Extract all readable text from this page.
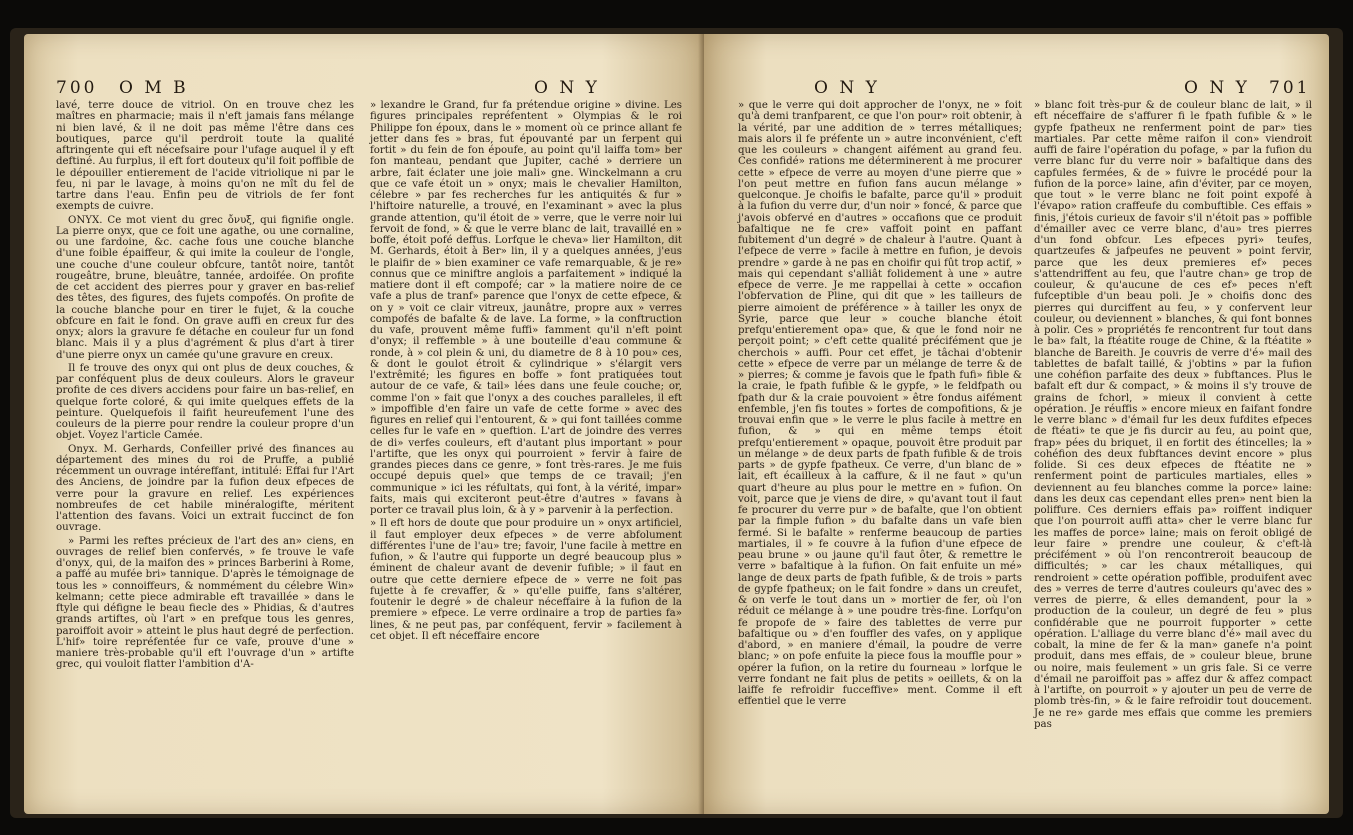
700 O M B	O N Y

lavé, terre douce de vitriol. On en trouve chez les maîtres en pharmacie; mais il n'eft jamais fans mélange ni bien lavé, & il ne doit pas même l'être dans ces boutiques, parce qu'il perdroit toute la qualité aftringente qui eft nécefsaire pour l'ufage auquel il y eft deftiné. Au furplus, il eft fort douteux qu'il foit poffible de le dépouiller entierement de l'acide vitriolique ni par le feu, ni par le lavage, à moins qu'on ne mît du fel de tartre dans l'eau. Enfin peu de vitriols de fer font exempts de cuivre.

ONYX. Ce mot vient du grec ὄνυξ, qui fignifie ongle. La pierre onyx, que ce foit une agathe, ou une cornaline, ou une fardoine, &c. cache fous une couche blanche d'une foible épaiffeur, & qui imite la couleur de l'ongle, une couche d'une couleur obfcure, tantôt noire, tantôt rougeâtre, brune, bleuâtre, tannée, ardoifée. On profite de cet accident des pierres pour y graver en bas-relief des têtes, des figures, des fujets compofés. On profite de la couche blanche pour en tirer le fujet, & la couche obfcure en fait le fond. On grave auffi en creux fur des onyx; alors la gravure fe détache en couleur fur un fond blanc. Mais il y a plus d'agrément & plus d'art à tirer d'une pierre onyx un camée qu'une gravure en creux.

Il fe trouve des onyx qui ont plus de deux couches, & par conféquent plus de deux couleurs. Alors le graveur profite de ces divers accidens pour faire un bas-relief, en quelque forte coloré, & qui imite quelques effets de la peinture. Quelquefois il faifit heureufement l'une des couleurs de la pierre pour rendre la couleur propre d'un objet. Voyez l'article Camée.

Onyx. M. Gerhards, Confeiller privé des finances au département des mines du roi de Pruffe, a publié récemment un ouvrage intéreffant, intitulé: Effai fur l'Art des Anciens, de joindre par la fufion deux efpeces de verre pour la gravure en relief. Les expériences nombreufes de cet habile minéralogifte, méritent l'attention des favans. Voici un extrait fuccinct de fon ouvrage.

» Parmi les reftes précieux de l'art des an» ciens, en ouvrages de relief bien confervés, » fe trouve le vafe d'onyx, qui, de la maifon des » princes Barberini à Rome, a paffé au mufée bri» tannique. D'après le témoignage de tous les » connoiffeurs, & nommément du célebre Win» kelmann; cette piece admirable eft travaillée » dans le ftyle qui défigne le beau fiecle des » Phidias, & d'autres grands artiftes, où l'art » en prefque tous les genres, paroiffoit avoir » atteint le plus haut degré de perfection. L'hif» toire repréfentée fur ce vafe, prouve d'une » maniere très-probable qu'il eft l'ouvrage d'un » artifte grec, qui vouloit flatter l'ambition d'A-

» lexandre le Grand, fur fa prétendue origine » divine. Les figures principales repréfentent » Olympias & le roi Philippe fon époux, dans le » moment où ce prince allant fe jetter dans fes » bras, fut épouvanté par un ferpent qui fortit » du fein de fon époufe, au point qu'il laiffa tom» ber fon manteau, pendant que Jupiter, caché » derriere un arbre, fait éclater une joie mali» gne. Winckelmann a cru que ce vafe étoit un » onyx; mais le chevalier Hamilton, célebre » par fes recherches fur les antiquités & fur » l'hiftoire naturelle, a trouvé, en l'examinant » avec la plus grande attention, qu'il étoit de » verre, que le verre noir lui fervoit de fond, » & que le verre blanc de lait, travaillé en » boffe, étoit pofé deffus. Lorfque le cheva» lier Hamilton, dit M. Gerhards, étoit à Ber» lin, il y a quelques années, j'eus le plaifir de » bien examiner ce vafe remarquable, & je re» connus que ce miniftre anglois a parfaitement » indiqué la matiere dont il eft compofé; car » la matiere noire de ce vafe a plus de tranf» parence que l'onyx de cette efpece, & on y » voit ce clair vitreux, jaunâtre, propre aux » verres compofés de bafalte & de lave. La forme, » la conftruction du vafe, prouvent même fuffi» famment qu'il n'eft point d'onyx; il reffemble » à une bouteille d'eau commune & ronde, à » col plein & uni, du diametre de 8 à 10 pou» ces, & dont le goulot étroit & cylindrique » s'élargit vers l'extrêmité; les figures en boffe » font pratiquées tout autour de ce vafe, & tail» lées dans une feule couche; or, comme l'on » fait que l'onyx a des couches paralleles, il eft » impoffible d'en faire un vafe de cette forme » avec des figures en relief qui l'entourent, & » qui font taillées comme celles fur le vafe en » queftion. L'art de joindre des verres de di» verfes couleurs, eft d'autant plus important » pour l'artifte, que les onyx qui pourroient » fervir à faire de grandes pieces dans ce genre, » font très-rares. Je me fuis occupé depuis quel» que temps de ce travail; j'en communique » ici les réfultats, qui font, à la vérité, impar» faits, mais qui exciteront peut-être d'autres » favans à porter ce travail plus loin, & à y » parvenir à la perfection.

» Il eft hors de doute que pour produire un » onyx artificiel, il faut employer deux efpeces » de verre abfolument différentes l'une de l'au» tre; favoir, l'une facile à mettre en fufion, » & l'autre qui fupporte un degré beaucoup plus » éminent de chaleur avant de devenir fufible; » il faut en outre que cette derniere efpece de » verre ne foit pas fujette à fe crevaffer, & » qu'elle puiffe, fans s'altérer, foutenir le degré » de chaleur néceffaire à la fufion de la premiere » efpece. Le verre ordinaire a trop de parties fa» lines, & ne peut pas, par conféquent, fervir » facilement à cet objet. Il eft néceffaire encore

O N Y	O N Y 701

» que le verre qui doit approcher de l'onyx, ne » foit qu'à demi tranfparent, ce que l'on pour» roit obtenir, à la vérité, par une addition de » terres métalliques; mais alors il fe préfente un » autre inconvénient, c'eft que les couleurs » changent aifément au grand feu. Ces confidé» rations me déterminerent à me procurer cette » efpece de verre au moyen d'une pierre que » l'on peut mettre en fufion fans aucun mélange » quelconque. Je choifis le bafalte, parce qu'il » produit à la fufion du verre dur, d'un noir » foncé, & parce que j'avois obfervé en d'autres » occafions que ce produit bafaltique ne fe cre» vaffoit point en paffant fubitement d'un degré » de chaleur à l'autre. Quant à l'efpece de verre » facile à mettre en fufion, je devois prendre » garde à ne pas en choifir qui fût trop actif, » mais qui cependant s'alliât folidement à une » autre efpece de verre. Je me rappellai à cette » occafion l'obfervation de Pline, qui dit que » les tailleurs de pierre aimoient de préférence » à tailler les onyx de Syrie, parce que leur » couche blanche étoit prefqu'entierement opa» que, & que le fond noir ne perçoit point; » c'eft cette qualité précifément que je cherchois » auffi. Pour cet effet, je tâchai d'obtenir cette » efpece de verre par un mélange de terre & de » pierres; & comme je favois que le fpath fufi» fible & la craie, le fpath fufible & le gypfe, » le feldfpath ou fpath dur & la craie pouvoient » être fondus aifément enfemble, j'en fis toutes » fortes de compofitions, & je trouvai enfin que » le verre le plus facile à mettre en fufion, & » qui en même temps étoit prefqu'entierement » opaque, pouvoit être produit par un mélange » de deux parts de fpath fufible & de trois parts » de gypfe fpatheux. Ce verre, d'un blanc de » lait, eft écailleux à la caffure, & il ne faut » qu'un quart d'heure au plus pour le mettre en » fufion. On voit, parce que je viens de dire, » qu'avant tout il faut fe procurer du verre pur » de bafalte, que l'on obtient par la fimple fufion » du bafalte dans un vafe bien fermé. Si le bafalte » renferme beaucoup de parties martiales, il » fe couvre à la fufion d'une efpece de peau brune » ou jaune qu'il faut ôter, & remettre le verre » bafaltique à la fufion. On fait enfuite un mé» lange de deux parts de fpath fufible, & de trois » parts de gypfe fpatheux; on le fait fondre » dans un creufet, & on verfe le tout dans un » mortier de fer, où l'on réduit ce mélange à » une poudre très-fine. Lorfqu'on fe propofe de » faire des tablettes de verre pur bafaltique ou » d'en fouffler des vafes, on y applique d'abord, » en maniere d'émail, la poudre de verre blanc; » on pofe enfuite la piece fous la mouffle pour » opérer la fufion, on la retire du fourneau » lorfque le verre fondant ne fait plus de petits » oeillets, & on la laiffe fe refroidir fucceffive» ment. Comme il eft effentiel que le verre

» blanc foit très-pur & de couleur blanc de lait, » il eft néceffaire de s'affurer fi le fpath fufible & » le gypfe fpatheux ne renferment point de par» ties martiales. Par cette même raifon il con» viendroit auffi de faire l'opération du pofage, » par la fufion du verre blanc fur du verre noir » bafaltique dans des capfules fermées, & de » fuivre le procédé pour la fufion de la porce» laine, afin d'éviter, par ce moyen, que tout » le verre blanc ne foit point expofé à l'évapo» ration craffeufe du combuftible. Ces effais » finis, j'étois curieux de favoir s'il n'étoit pas » poffible d'émailler avec ce verre blanc, d'au» tres pierres d'un fond obfcur. Les efpeces pyri» teufes, quartzeufes & jafpeufes ne peuvent » point fervir, parce que les deux premieres ef» peces s'attendriffent au feu, que l'autre chan» ge trop de couleur, & qu'aucune de ces ef» peces n'eft fufceptible d'un beau poli. Je » choifis donc des pierres qui durciffent au feu, » y confervent leur couleur, ou deviennent » blanches, & qui font bonnes à polir. Ces » propriétés fe rencontrent fur tout dans le ba» falt, la ftéatite rouge de Chine, & la ftéatite » blanche de Bareith. Je couvris de verre d'é» mail des tablettes de bafalt taillé, & j'obtins » par la fufion une cohéfion parfaite des deux » fubftances. Plus le bafalt eft dur & compact, » & moins il s'y trouve de grains de fchorl, » mieux il convient à cette opération. Je réuffis » encore mieux en faifant fondre le verre blanc » d'émail fur les deux fufdites efpeces de ftéati» te que je fis durcir au feu, au point que, frap» pées du briquet, il en fortit des étincelles; la » cohéfion des deux fubftances devint encore » plus folide. Si ces deux efpeces de ftéatite ne » renferment point de particules martiales, elles » deviennent au feu blanches comme la porce» laine: dans les deux cas cependant elles pren» nent bien la poliffure. Ces derniers effais pa» roiffent indiquer que l'on pourroit auffi atta» cher le verre blanc fur les maffes de porce» laine; mais on feroit obligé de leur faire » prendre une couleur, & c'eft-là précifément » où l'on rencontreroit beaucoup de difficultés; » car les chaux métalliques, qui rendroient » cette opération poffible, produifent avec des » verres de terre d'autres couleurs qu'avec des » verres de pierre, & elles demandent, pour la » production de la couleur, un degré de feu » plus confidérable que ne pourroit fupporter » cette opération. L'alliage du verre blanc d'é» mail avec du cobalt, la mine de fer & la man» ganefe n'a point produit, dans mes effais, de » couleur bleue, brune ou noire, mais feulement » un gris fale. Si ce verre d'émail ne paroiffoit pas » affez dur & affez compact à l'artifte, on pourroit » y ajouter un peu de verre de plomb très-fin, » & le faire refroidir tout doucement. Je ne re» garde mes effais que comme les premiers pas
